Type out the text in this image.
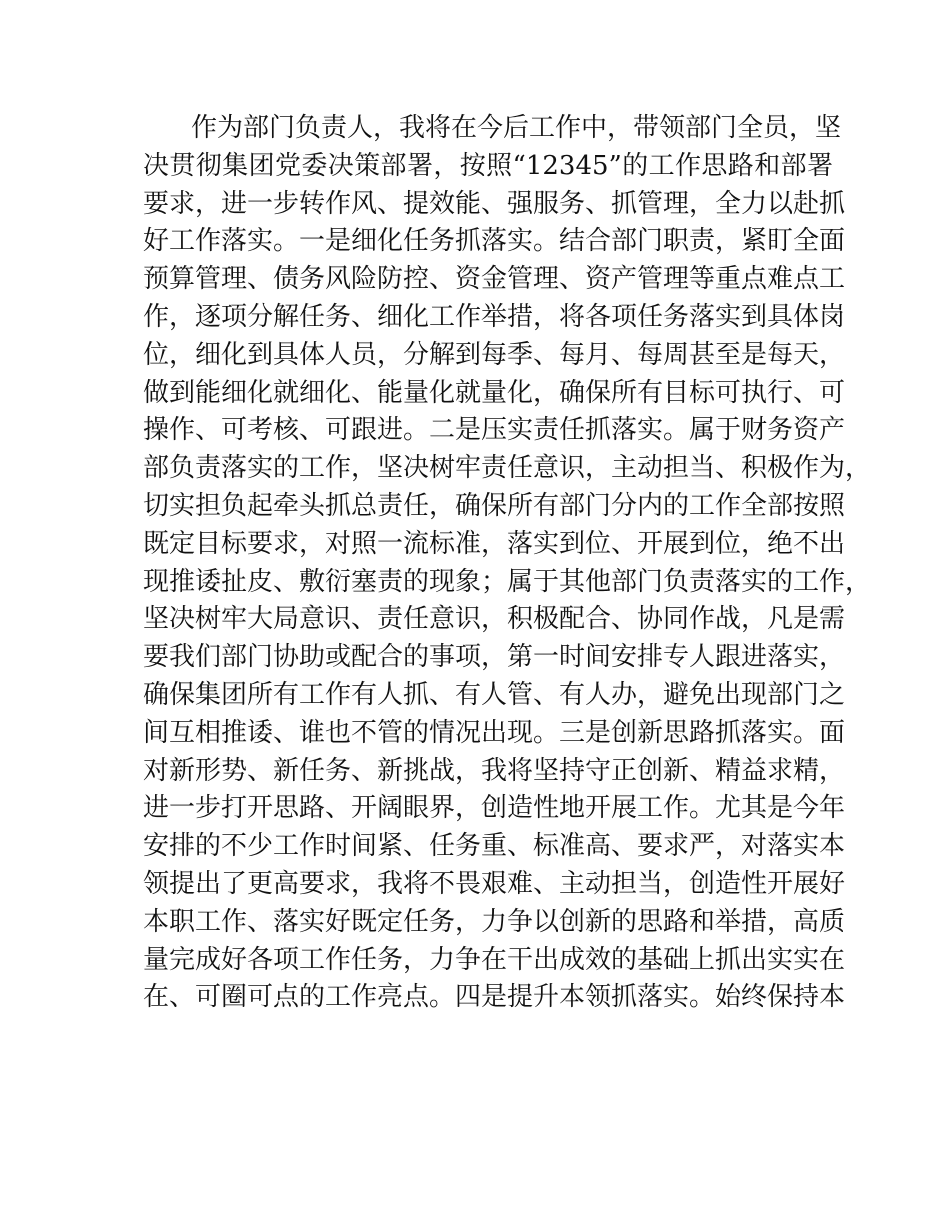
作为部门负责人，我将在今后工作中，带领部门全员，坚
决贯彻集团党委决策部署，按照“12345”的工作思路和部署
要求，进一步转作风、提效能、强服务、抓管理，全力以赴抓
好工作落实。一是细化任务抓落实。结合部门职责，紧盯全面
预算管理、债务风险防控、资金管理、资产管理等重点难点工
作，逐项分解任务、细化工作举措，将各项任务落实到具体岗
位，细化到具体人员，分解到每季、每月、每周甚至是每天，
做到能细化就细化、能量化就量化，确保所有目标可执行、可
操作、可考核、可跟进。二是压实责任抓落实。属于财务资产
部负责落实的工作，坚决树牢责任意识，主动担当、积极作为，
切实担负起牵头抓总责任，确保所有部门分内的工作全部按照
既定目标要求，对照一流标准，落实到位、开展到位，绝不出
现推诿扯皮、敷衍塞责的现象；属于其他部门负责落实的工作，
坚决树牢大局意识、责任意识，积极配合、协同作战，凡是需
要我们部门协助或配合的事项，第一时间安排专人跟进落实，
确保集团所有工作有人抓、有人管、有人办，避免出现部门之
间互相推诿、谁也不管的情况出现。三是创新思路抓落实。面
对新形势、新任务、新挑战，我将坚持守正创新、精益求精，
进一步打开思路、开阔眼界，创造性地开展工作。尤其是今年
安排的不少工作时间紧、任务重、标准高、要求严，对落实本
领提出了更高要求，我将不畏艰难、主动担当，创造性开展好
本职工作、落实好既定任务，力争以创新的思路和举措，高质
量完成好各项工作任务，力争在干出成效的基础上抓出实实在
在、可圈可点的工作亮点。四是提升本领抓落实。始终保持本
